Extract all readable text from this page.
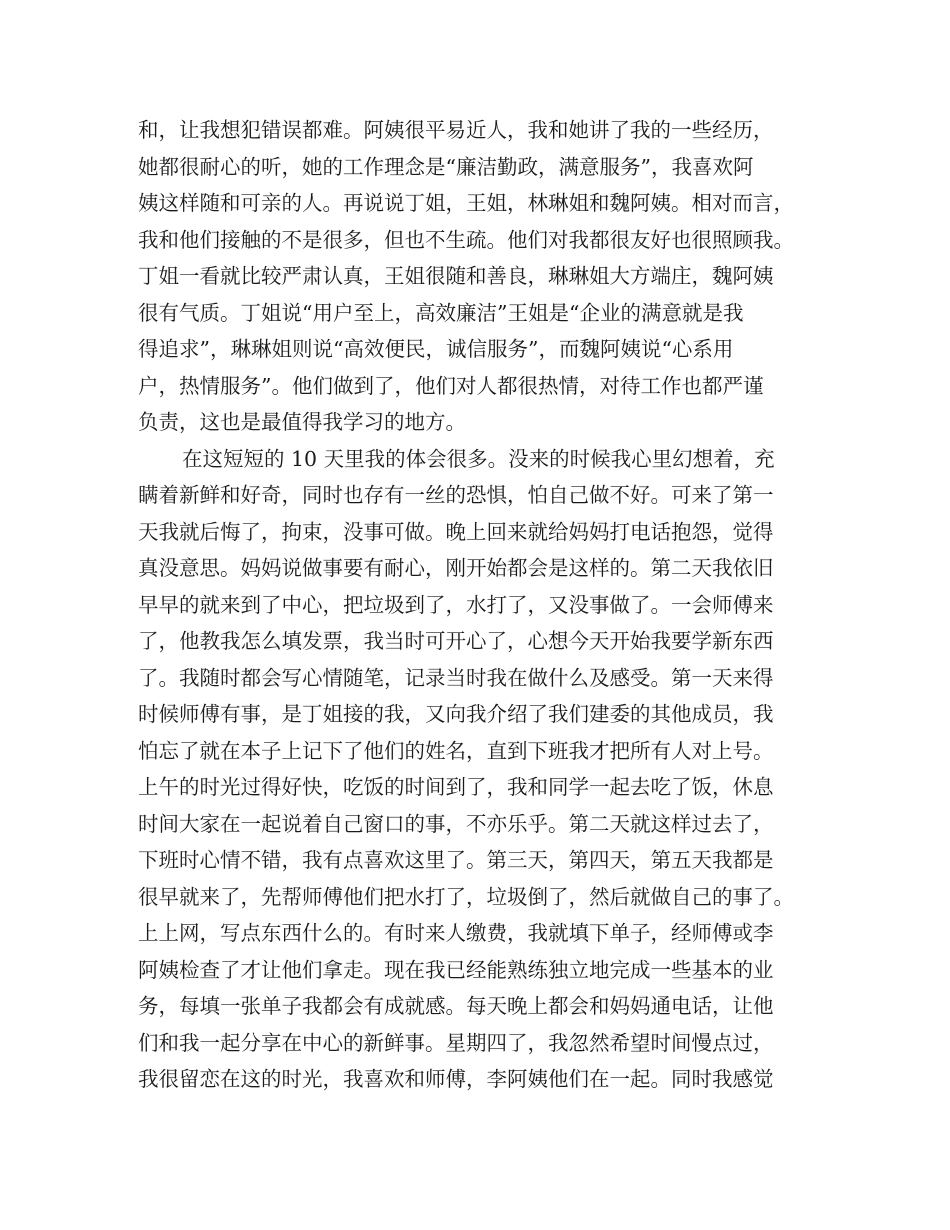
和，让我想犯错误都难。阿姨很平易近人，我和她讲了我的一些经历，
她都很耐心的听，她的工作理念是“廉洁勤政，满意服务”，我喜欢阿
姨这样随和可亲的人。再说说丁姐，王姐，林琳姐和魏阿姨。相对而言，
我和他们接触的不是很多，但也不生疏。他们对我都很友好也很照顾我。
丁姐一看就比较严肃认真，王姐很随和善良，琳琳姐大方端庄，魏阿姨
很有气质。丁姐说“用户至上，高效廉洁”王姐是“企业的满意就是我
得追求”，琳琳姐则说“高效便民，诚信服务”，而魏阿姨说“心系用
户，热情服务”。他们做到了，他们对人都很热情，对待工作也都严谨
负责，这也是最值得我学习的地方。
在这短短的 10 天里我的体会很多。没来的时候我心里幻想着，充
瞒着新鲜和好奇，同时也存有一丝的恐惧，怕自己做不好。可来了第一
天我就后悔了，拘束，没事可做。晚上回来就给妈妈打电话抱怨，觉得
真没意思。妈妈说做事要有耐心，刚开始都会是这样的。第二天我依旧
早早的就来到了中心，把垃圾到了，水打了，又没事做了。一会师傅来
了，他教我怎么填发票，我当时可开心了，心想今天开始我要学新东西
了。我随时都会写心情随笔，记录当时我在做什么及感受。第一天来得
时候师傅有事，是丁姐接的我，又向我介绍了我们建委的其他成员，我
怕忘了就在本子上记下了他们的姓名，直到下班我才把所有人对上号。
上午的时光过得好快，吃饭的时间到了，我和同学一起去吃了饭，休息
时间大家在一起说着自己窗口的事，不亦乐乎。第二天就这样过去了，
下班时心情不错，我有点喜欢这里了。第三天，第四天，第五天我都是
很早就来了，先帮师傅他们把水打了，垃圾倒了，然后就做自己的事了。
上上网，写点东西什么的。有时来人缴费，我就填下单子，经师傅或李
阿姨检查了才让他们拿走。现在我已经能熟练独立地完成一些基本的业
务，每填一张单子我都会有成就感。每天晚上都会和妈妈通电话，让他
们和我一起分享在中心的新鲜事。星期四了，我忽然希望时间慢点过，
我很留恋在这的时光，我喜欢和师傅，李阿姨他们在一起。同时我感觉
